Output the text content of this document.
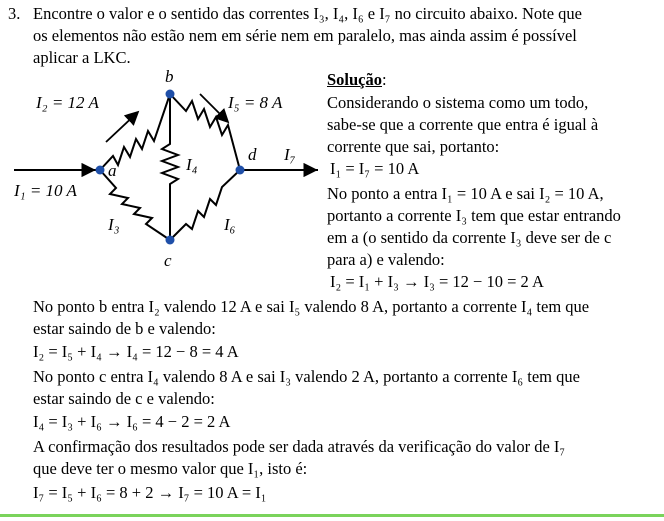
3. Encontre o valor e o sentido das correntes I₃, I₄, I₆ e I₇ no circuito abaixo. Note que
os elementos não estão nem em série nem em paralelo, mas ainda assim é possível
aplicar a LKC.
a
b
c
d
I₂ = 12 A	I₅ = 8 A
I₄
I₇
I₁ = 10 A
I₃	I₆
Solução:
Considerando o sistema como um todo,
sabe-se que a corrente que entra é igual à
corrente que sai, portanto:
I₁ = I₇ = 10 A
No ponto a entra I₁ = 10 A e sai I₂ = 10 A,
portanto a corrente I₃ tem que estar entrando
em a (o sentido da corrente I₃ deve ser de c
para a) e valendo:
I₂ = I₁ + I₃ → I₃ = 12 − 10 = 2 A
No ponto b entra I₂ valendo 12 A e sai I₅ valendo 8 A, portanto a corrente I₄ tem que
estar saindo de b e valendo:
I₂ = I₅ + I₄ → I₄ = 12 − 8 = 4 A
No ponto c entra I₄ valendo 8 A e sai I₃ valendo 2 A, portanto a corrente I₆ tem que
estar saindo de c e valendo:
I₄ = I₃ + I₆ → I₆ = 4 − 2 = 2 A
A confirmação dos resultados pode ser dada através da verificação do valor de I₇
que deve ter o mesmo valor que I₁, isto é:
I₇ = I₅ + I₆ = 8 + 2 → I₇ = 10 A = I₁
